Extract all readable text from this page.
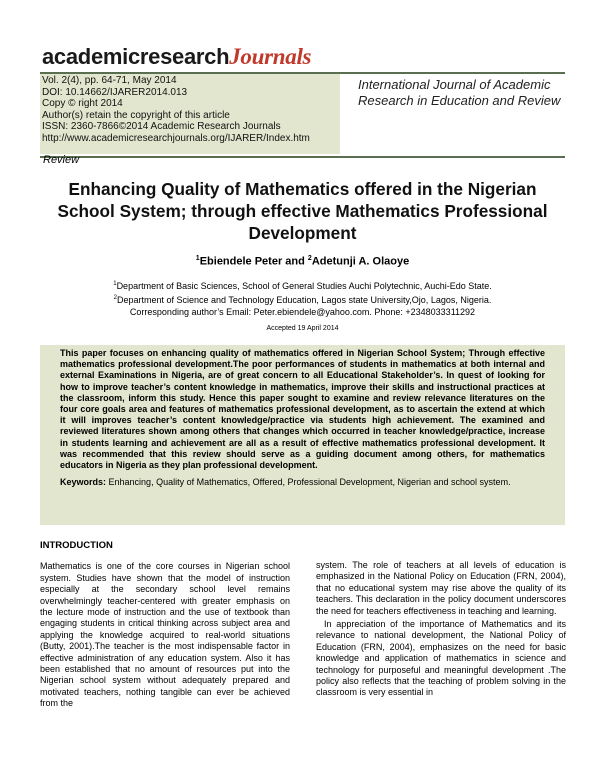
academicresearchJournals
Vol. 2(4), pp. 64-71, May 2014
DOI: 10.14662/IJARER2014.013
Copy © right 2014
Author(s) retain the copyright of this article
ISSN: 2360-7866©2014 Academic Research Journals
http://www.academicresearchjournals.org/IJARER/Index.htm
International Journal of Academic Research in Education and Review
Review
Enhancing Quality of Mathematics offered in the Nigerian School System; through effective Mathematics Professional Development
$^1$Ebiendele Peter and $^2$Adetunji A. Olaoye
$^1$Department of Basic Sciences, School of General Studies Auchi Polytechnic, Auchi-Edo State.
$^2$Department of Science and Technology Education, Lagos state University,Ojo, Lagos, Nigeria.
Corresponding author’s Email: Peter.ebiendele@yahoo.com. Phone: +2348033311292
Accepted 19 April 2014
This paper focuses on enhancing quality of mathematics offered in Nigerian School System; Through effective mathematics professional development.The poor performances of students in mathematics at both internal and external Examinations in Nigeria, are of great concern to all Educational Stakeholder’s. In quest of looking for how to improve teacher’s content knowledge in mathematics, improve their skills and instructional practices at the classroom, inform this study. Hence this paper sought to examine and review relevance literatures on the four core goals area and features of mathematics professional development, as to ascertain the extend at which it will improves teacher’s content knowledge/practice via students high achievement. The examined and reviewed literatures shown among others that changes which occurred in teacher knowledge/practice, increase in students learning and achievement are all as a result of effective mathematics professional development. It was recommended that this review should serve as a guiding document among others, for mathematics educators in Nigeria as they plan professional development.
Keywords: Enhancing, Quality of Mathematics, Offered, Professional Development, Nigerian and school system.
INTRODUCTION

Mathematics is one of the core courses in Nigerian school system. Studies have shown that the model of instruction especially at the secondary school level remains overwhelmingly teacher-centered with greater emphasis on the lecture mode of instruction and the use of textbook than engaging students in critical thinking across subject area and applying the knowledge acquired to real-world situations (Butty, 2001).The teacher is the most indispensable factor in effective administration of any education system. Also it has been established that no amount of resources put into the Nigerian school system without adequately prepared and motivated teachers, nothing tangible can ever be achieved from the

system. The role of teachers at all levels of education is emphasized in the National Policy on Education (FRN, 2004), that no educational system may rise above the quality of its teachers. This declaration in the policy document underscores the need for teachers effectiveness in teaching and learning.

In appreciation of the importance of Mathematics and its relevance to national development, the National Policy of Education (FRN, 2004), emphasizes on the need for basic knowledge and application of mathematics in science and technology for purposeful and meaningful development .The policy also reflects that the teaching of problem solving in the classroom is very essential in
